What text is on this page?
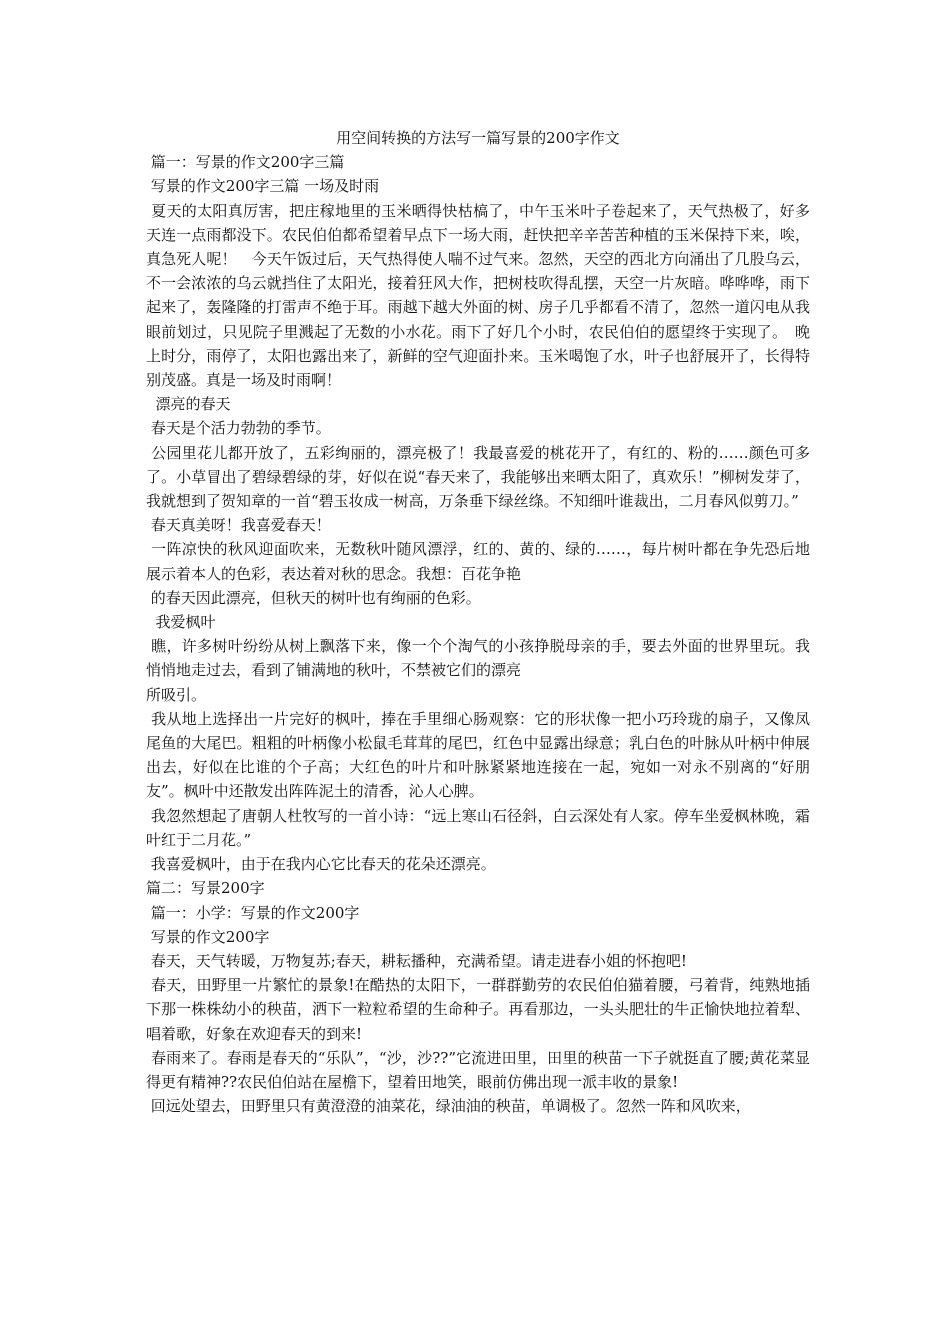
用空间转换的方法写一篇写景的200字作文

篇一：写景的作文200字三篇

写景的作文200字三篇 一场及时雨

夏天的太阳真厉害，把庄稼地里的玉米晒得快枯槁了，中午玉米叶子卷起来了，天气热极了，好多天连一点雨都没下。农民伯伯都希望着早点下一场大雨，赶快把辛辛苦苦种植的玉米保持下来，唉，真急死人呢！　今天午饭过后，天气热得使人喘不过气来。忽然，天空的西北方向涌出了几股乌云，不一会浓浓的乌云就挡住了太阳光，接着狂风大作，把树枝吹得乱摆，天空一片灰暗。哗哗哗，雨下起来了，轰隆隆的打雷声不绝于耳。雨越下越大外面的树、房子几乎都看不清了，忽然一道闪电从我眼前划过，只见院子里溅起了无数的小水花。雨下了好几个小时，农民伯伯的愿望终于实现了。　晚上时分，雨停了，太阳也露出来了，新鲜的空气迎面扑来。玉米喝饱了水，叶子也舒展开了，长得特别茂盛。真是一场及时雨啊！

漂亮的春天

春天是个活力勃勃的季节。

公园里花儿都开放了，五彩绚丽的，漂亮极了！我最喜爱的桃花开了，有红的、粉的……颜色可多了。小草冒出了碧绿碧绿的芽，好似在说“春天来了，我能够出来晒太阳了，真欢乐！”柳树发芽了，我就想到了贺知章的一首“碧玉妆成一树高，万条垂下绿丝绦。不知细叶谁裁出，二月春风似剪刀。”

春天真美呀！我喜爱春天！

一阵凉快的秋风迎面吹来，无数秋叶随风漂浮，红的、黄的、绿的……，每片树叶都在争先恐后地展示着本人的色彩，表达着对秋的思念。我想：百花争艳

的春天因此漂亮，但秋天的树叶也有绚丽的色彩。

我爱枫叶

瞧，许多树叶纷纷从树上飘落下来，像一个个淘气的小孩挣脱母亲的手，要去外面的世界里玩。我悄悄地走过去，看到了铺满地的秋叶，不禁被它们的漂亮

所吸引。

我从地上选择出一片完好的枫叶，捧在手里细心肠观察：它的形状像一把小巧玲珑的扇子，又像凤尾鱼的大尾巴。粗粗的叶柄像小松鼠毛茸茸的尾巴，红色中显露出绿意；乳白色的叶脉从叶柄中伸展出去，好似在比谁的个子高；大红色的叶片和叶脉紧紧地连接在一起，宛如一对永不别离的“好朋友”。枫叶中还散发出阵阵泥土的清香，沁人心脾。

我忽然想起了唐朝人杜牧写的一首小诗：“远上寒山石径斜，白云深处有人家。停车坐爱枫林晚，霜叶红于二月花。”

我喜爱枫叶，由于在我内心它比春天的花朵还漂亮。

篇二：写景200字

篇一：小学：写景的作文200字

写景的作文200字

春天，天气转暖，万物复苏;春天，耕耘播种，充满希望。请走进春小姐的怀抱吧!

春天，田野里一片繁忙的景象!在酷热的太阳下，一群群勤劳的农民伯伯猫着腰，弓着背，纯熟地插下那一株株幼小的秧苗，洒下一粒粒希望的生命种子。再看那边，一头头肥壮的牛正愉快地拉着犁、唱着歌，好象在欢迎春天的到来!

春雨来了。春雨是春天的“乐队”，“沙，沙??”它流进田里，田里的秧苗一下子就挺直了腰;黄花菜显得更有精神??农民伯伯站在屋檐下，望着田地笑，眼前仿佛出现一派丰收的景象!

回远处望去，田野里只有黄澄澄的油菜花，绿油油的秧苗，单调极了。忽然一阵和风吹来，
